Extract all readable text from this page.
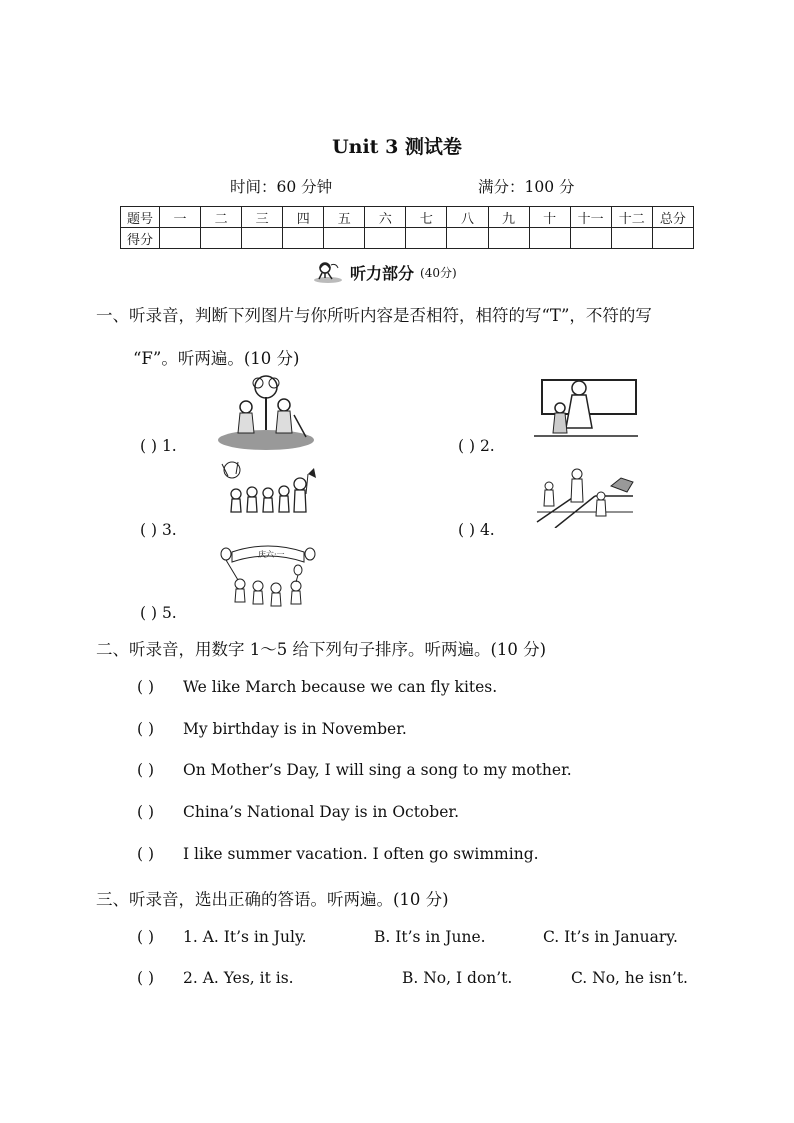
Unit 3 测试卷
时间：60 分钟	满分：100 分
题号	一	二	三	四	五	六	七	八	九	十	十一	十二	总分
得分													
听力部分 (40分)
一、听录音，判断下列图片与你所听内容是否相符，相符的写“T”，不符的写
“F”。听两遍。(10 分)
( ) 1.	( ) 2.
( ) 3.	( ) 4.
( ) 5.
庆六·一
二、听录音，用数字 1～5 给下列句子排序。听两遍。(10 分)
( ) We like March because we can fly kites.
( ) My birthday is in November.
( ) On Mother’s Day, I will sing a song to my mother.
( ) China’s National Day is in October.
( ) I like summer vacation. I often go swimming.
三、听录音，选出正确的答语。听两遍。(10 分)
( ) 1. A. It’s in July.	B. It’s in June.	C. It’s in January.
( ) 2. A. Yes, it is.	B. No, I don’t.	C. No, he isn’t.
